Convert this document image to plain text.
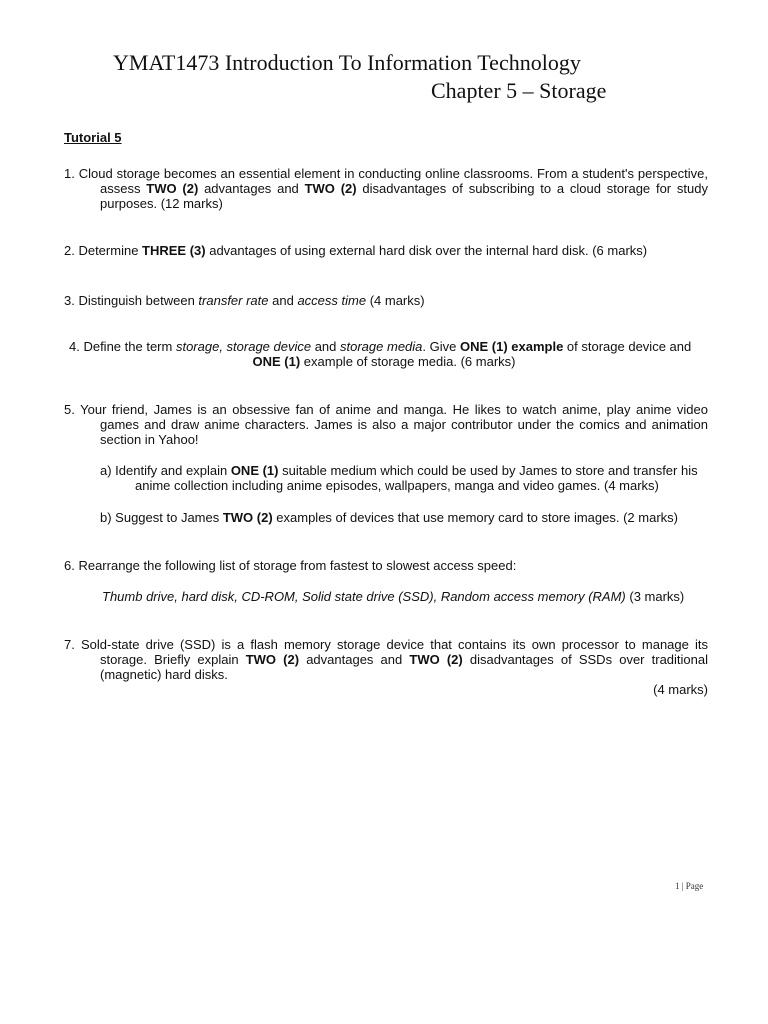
YMAT1473 Introduction To Information Technology
Chapter 5 – Storage
Tutorial 5
1. Cloud storage becomes an essential element in conducting online classrooms. From a student's perspective, assess TWO (2) advantages and TWO (2) disadvantages of subscribing to a cloud storage for study purposes. (12 marks)
2. Determine THREE (3) advantages of using external hard disk over the internal hard disk. (6 marks)
3. Distinguish between transfer rate and access time (4 marks)
4. Define the term storage, storage device and storage media. Give ONE (1) example of storage device and
ONE (1) example of storage media. (6 marks)
5. Your friend, James is an obsessive fan of anime and manga. He likes to watch anime, play anime video games and draw anime characters. James is also a major contributor under the comics and animation section in Yahoo!
a) Identify and explain ONE (1) suitable medium which could be used by James to store and transfer his anime collection including anime episodes, wallpapers, manga and video games. (4 marks)
b) Suggest to James TWO (2) examples of devices that use memory card to store images. (2 marks)
6. Rearrange the following list of storage from fastest to slowest access speed:
Thumb drive, hard disk, CD-ROM, Solid state drive (SSD), Random access memory (RAM) (3 marks)
7. Sold-state drive (SSD) is a flash memory storage device that contains its own processor to manage its storage. Briefly explain TWO (2) advantages and TWO (2) disadvantages of SSDs over traditional (magnetic) hard disks.
(4 marks)
1 | Page
